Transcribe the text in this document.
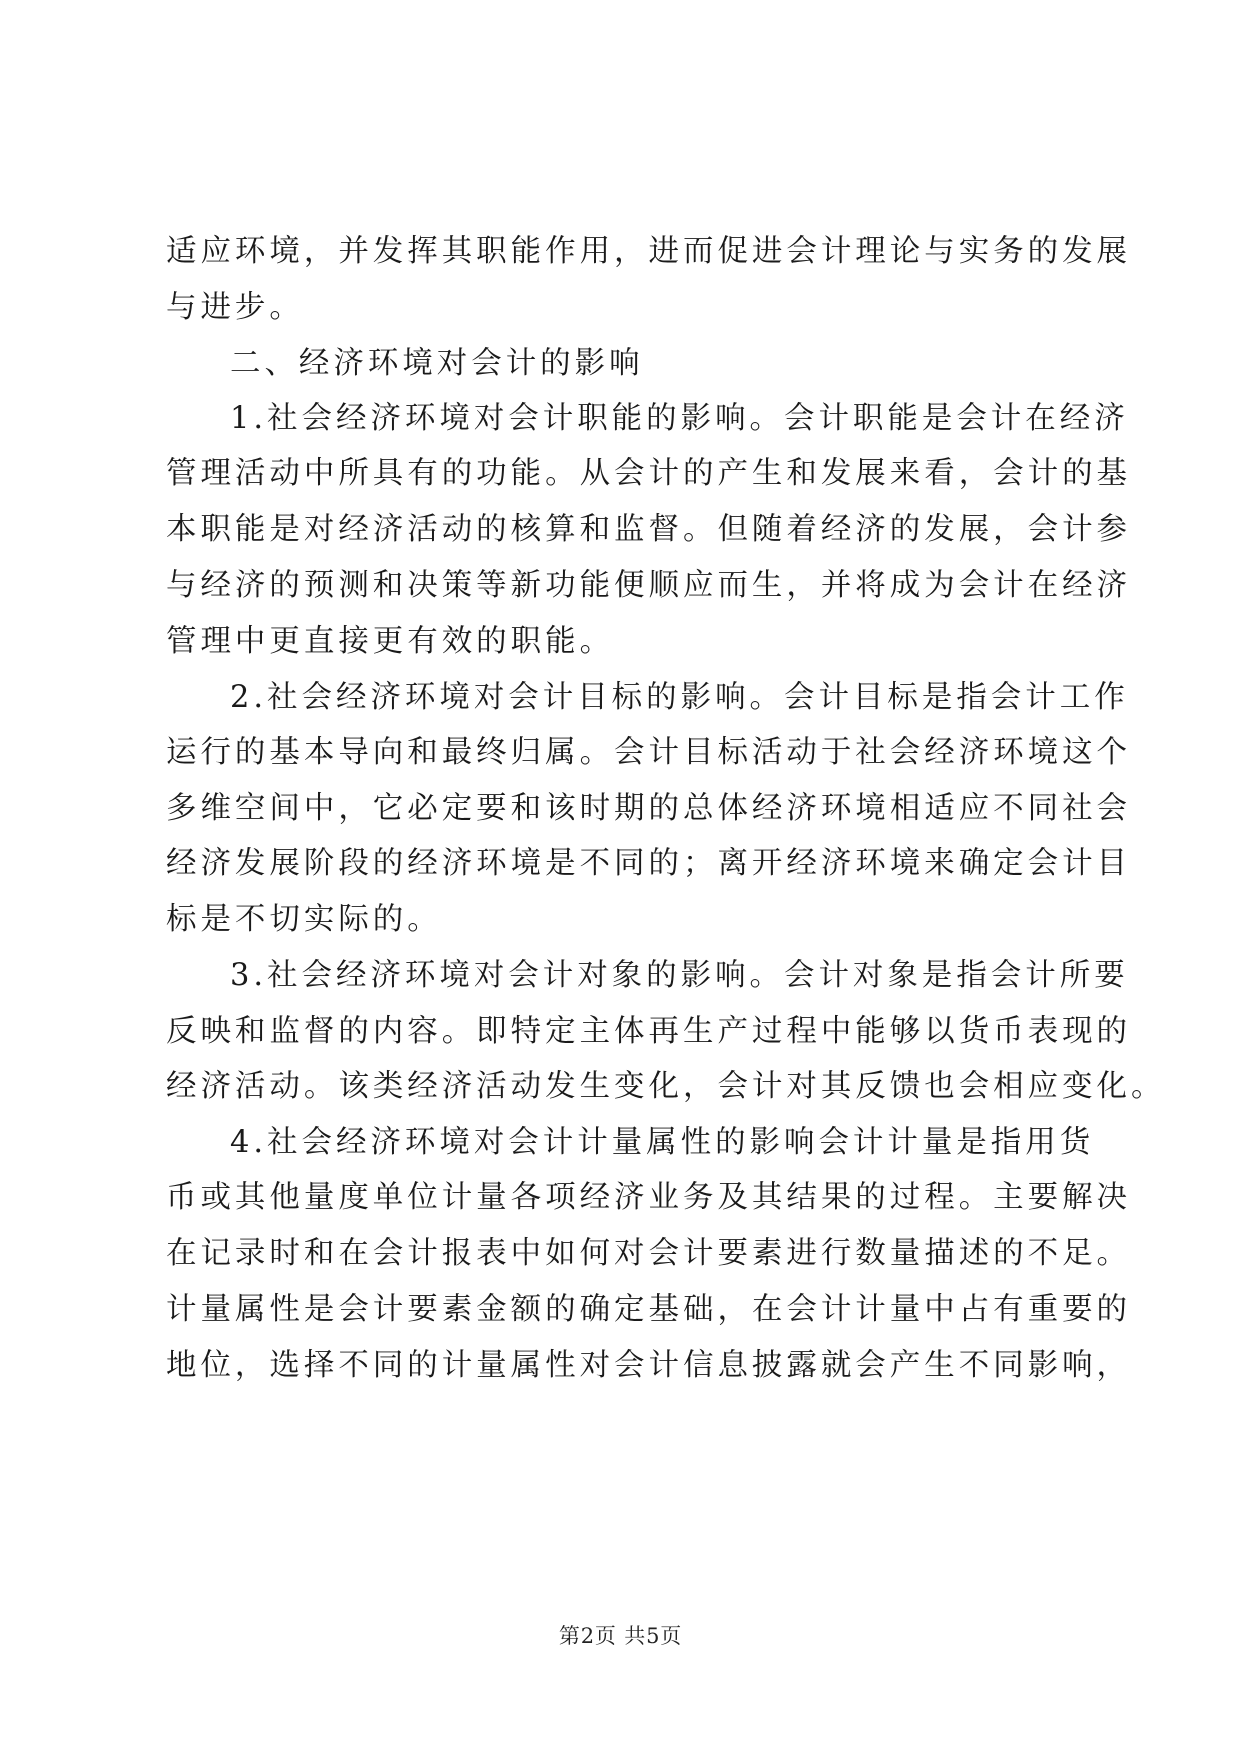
适应环境，并发挥其职能作用，进而促进会计理论与实务的发展
与进步。
二、经济环境对会计的影响
1.社会经济环境对会计职能的影响。会计职能是会计在经济
管理活动中所具有的功能。从会计的产生和发展来看，会计的基
本职能是对经济活动的核算和监督。但随着经济的发展，会计参
与经济的预测和决策等新功能便顺应而生，并将成为会计在经济
管理中更直接更有效的职能。
2.社会经济环境对会计目标的影响。会计目标是指会计工作
运行的基本导向和最终归属。会计目标活动于社会经济环境这个
多维空间中，它必定要和该时期的总体经济环境相适应不同社会
经济发展阶段的经济环境是不同的；离开经济环境来确定会计目
标是不切实际的。
3.社会经济环境对会计对象的影响。会计对象是指会计所要
反映和监督的内容。即特定主体再生产过程中能够以货币表现的
经济活动。该类经济活动发生变化，会计对其反馈也会相应变化。
4.社会经济环境对会计计量属性的影响会计计量是指用货
币或其他量度单位计量各项经济业务及其结果的过程。主要解决
在记录时和在会计报表中如何对会计要素进行数量描述的不足。
计量属性是会计要素金额的确定基础，在会计计量中占有重要的
地位，选择不同的计量属性对会计信息披露就会产生不同影响，
第2页 共5页
